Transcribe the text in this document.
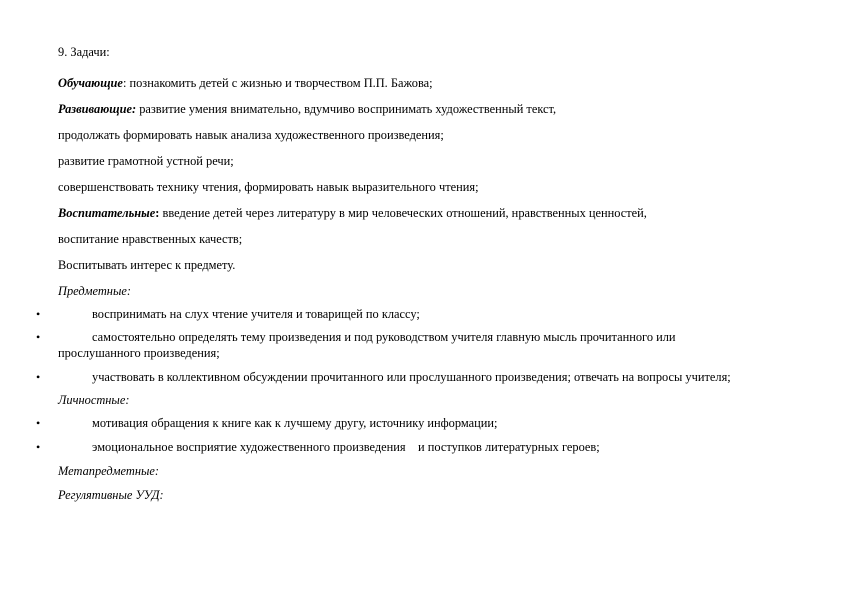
9. Задачи:
Обучающие: познакомить детей с жизнью и творчеством П.П. Бажова;
Развивающие: развитие умения внимательно, вдумчиво воспринимать художественный текст,
продолжать формировать навык анализа художественного произведения;
развитие грамотной устной речи;
совершенствовать технику чтения, формировать навык выразительного чтения;
Воспитательные: введение детей через литературу в мир человеческих отношений, нравственных ценностей,
воспитание нравственных качеств;
Воспитывать интерес к предмету.
Предметные:
•	воспринимать на слух чтение учителя и товарищей по классу;
•	самостоятельно определять тему произведения и под руководством учителя главную мысль прочитанного или прослушанного произведения;
•	участвовать в коллективном обсуждении прочитанного или прослушанного произведения; отвечать на вопросы учителя;
Личностные:
•	мотивация обращения к книге как к лучшему другу, источнику информации;
•	эмоциональное восприятие художественного произведения    и поступков литературных героев;
Метапредметные:
Регулятивные УУД:
